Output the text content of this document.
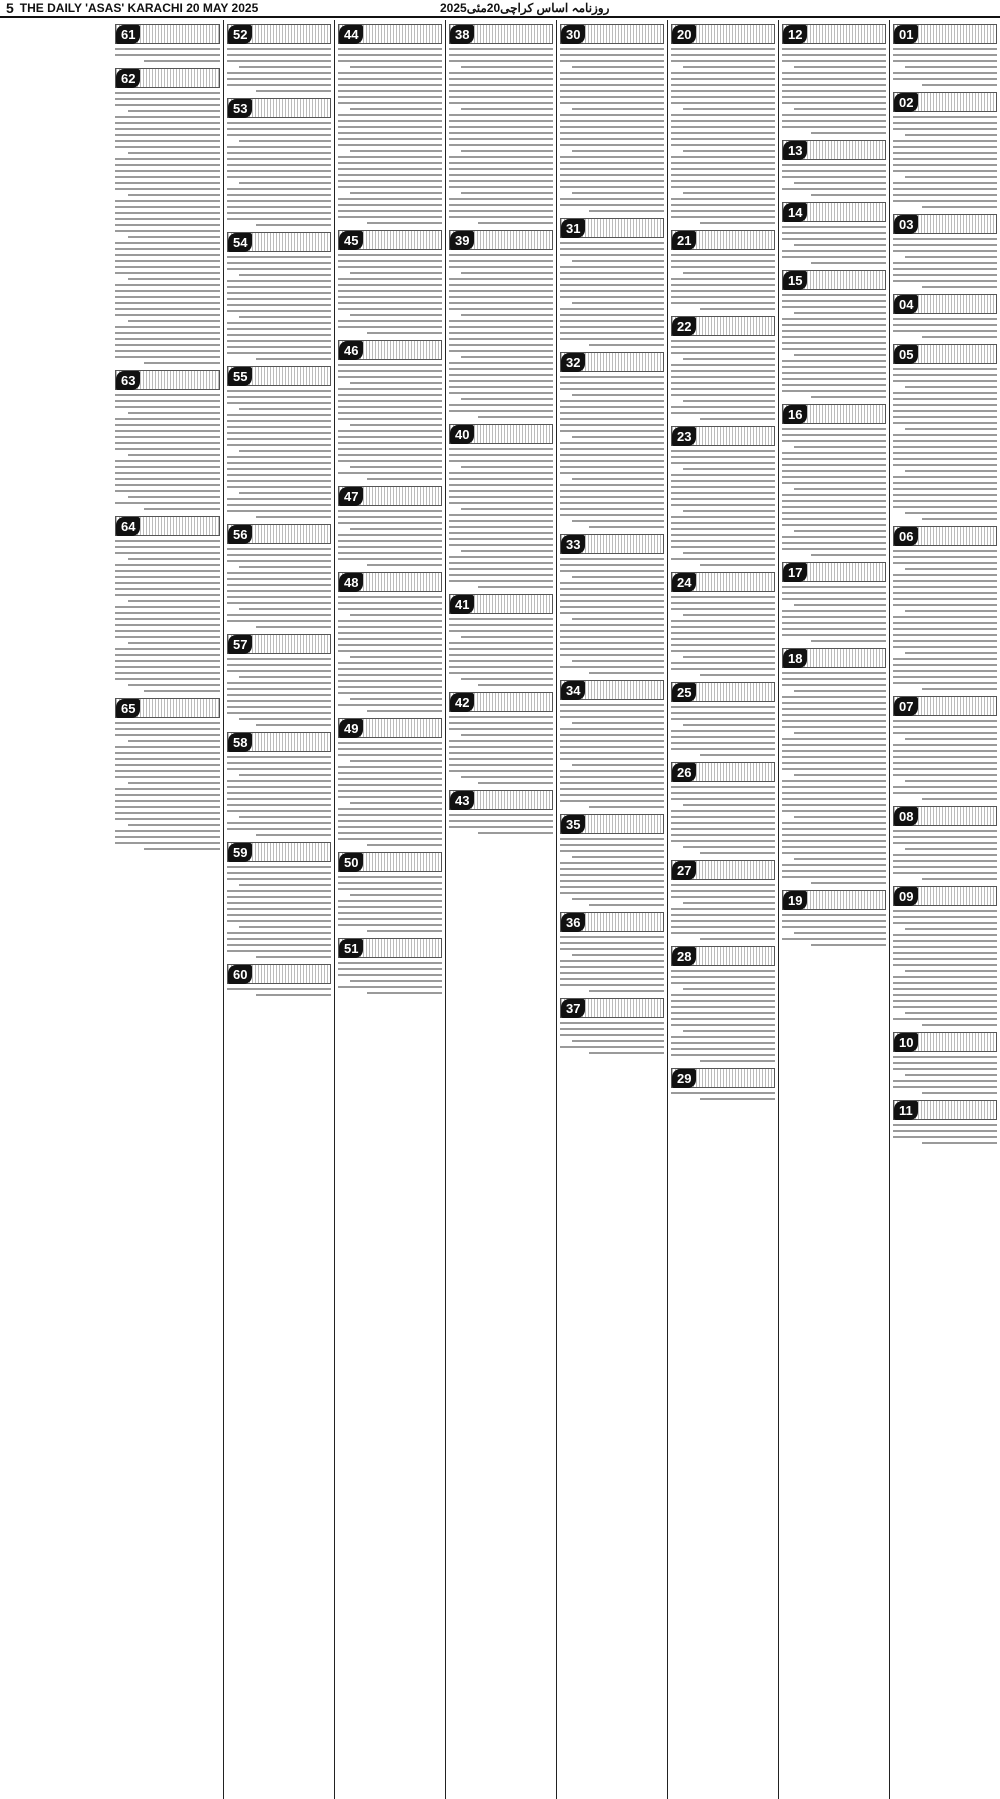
5 THE DAILY 'ASAS' KARACHI 20 MAY 2025	روزنامہ اساس کراچی20مئی2025
01
02
03
04
05
06
07
08
09
10
11
12
13
14
15
16
17
18
19
20
21
22
23
24
25
26
27
28
29
30
31
32
33
34
35
36
37
38
39
40
41
42
43
44
45
46
47
48
49
50
51
52
53
54
55
56
57
58
59
60
61
62
63
64
65
